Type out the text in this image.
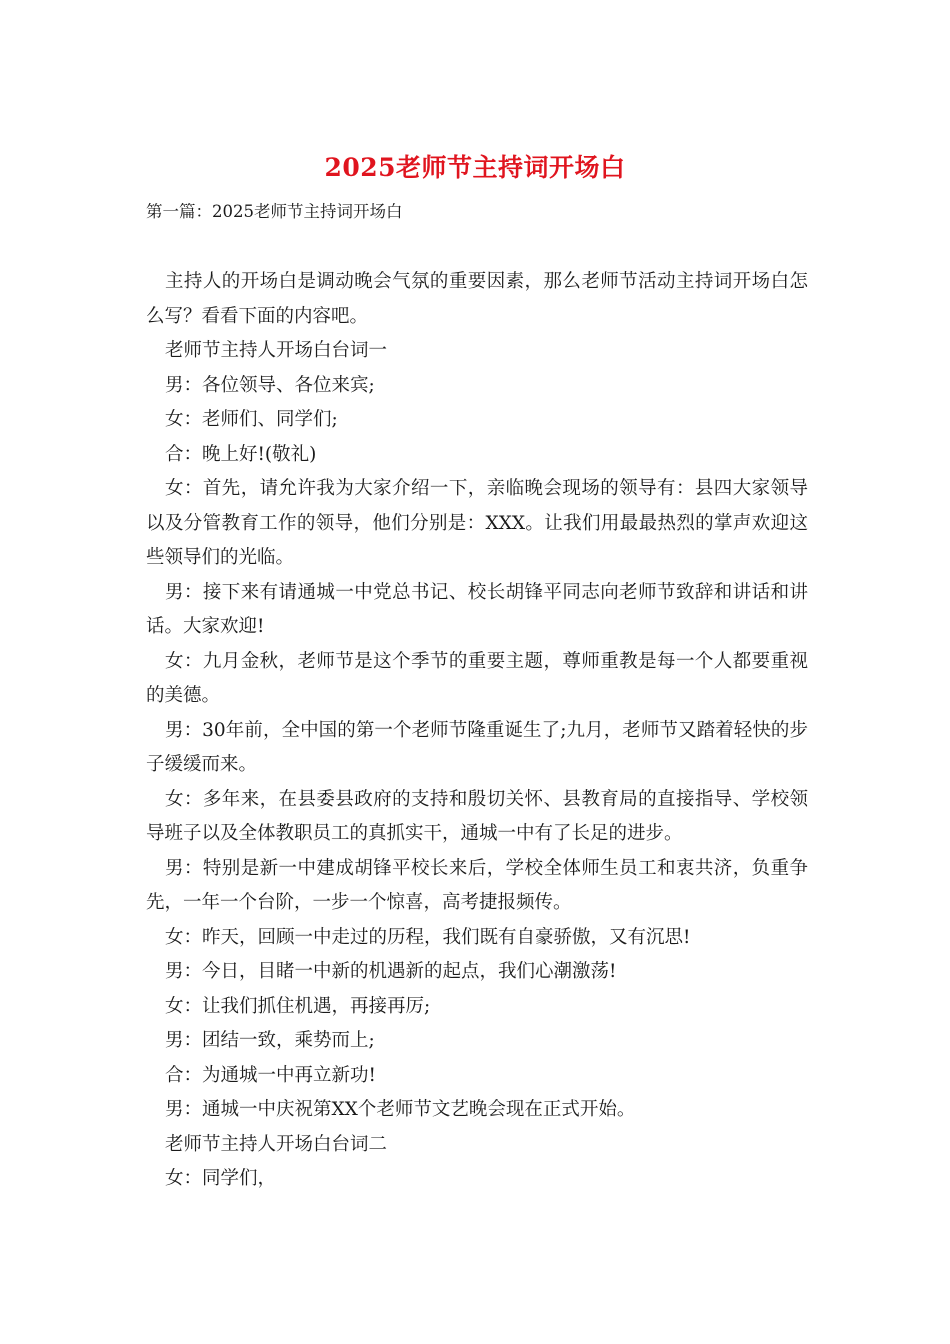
2025老师节主持词开场白
第一篇：2025老师节主持词开场白

主持人的开场白是调动晚会气氛的重要因素，那么老师节活动主持词开场白怎么写？看看下面的内容吧。

老师节主持人开场白台词一

男：各位领导、各位来宾;

女：老师们、同学们;

合：晚上好!(敬礼)

女：首先，请允许我为大家介绍一下，亲临晚会现场的领导有：县四大家领导以及分管教育工作的领导，他们分别是：XXX。让我们用最最热烈的掌声欢迎这些领导们的光临。

男：接下来有请通城一中党总书记、校长胡锋平同志向老师节致辞和讲话和讲话。大家欢迎!

女：九月金秋，老师节是这个季节的重要主题，尊师重教是每一个人都要重视的美德。

男：30年前，全中国的第一个老师节隆重诞生了;九月，老师节又踏着轻快的步子缓缓而来。

女：多年来，在县委县政府的支持和殷切关怀、县教育局的直接指导、学校领导班子以及全体教职员工的真抓实干，通城一中有了长足的进步。

男：特别是新一中建成胡锋平校长来后，学校全体师生员工和衷共济，负重争先，一年一个台阶，一步一个惊喜，高考捷报频传。

女：昨天，回顾一中走过的历程，我们既有自豪骄傲，又有沉思!

男：今日，目睹一中新的机遇新的起点，我们心潮激荡!

女：让我们抓住机遇，再接再厉;

男：团结一致，乘势而上;

合：为通城一中再立新功!

男：通城一中庆祝第XX个老师节文艺晚会现在正式开始。

老师节主持人开场白台词二

女：同学们，
